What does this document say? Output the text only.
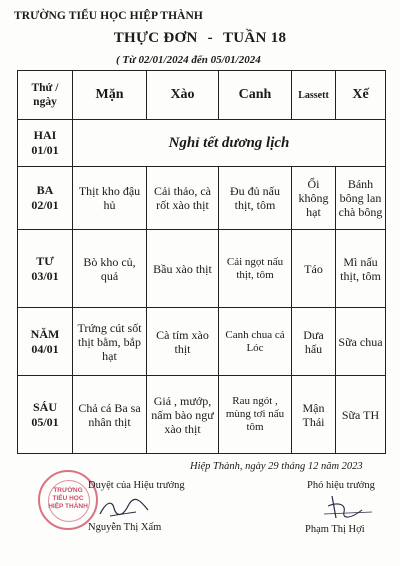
TRƯỜNG TIỂU HỌC HIỆP THÀNH
THỰC ĐƠN - TUẦN 18
( Từ 02/01/2024 đến 05/01/2024
Thứ / ngày	Mặn	Xào	Canh	Lassett	Xế

HAI
01/01	Nghỉ tết dương lịch				

BA
02/01	Thịt kho đậu hủ	Cải thảo, cà rốt xào thịt	Đu đủ nấu thịt, tôm	Ổi không hạt	Bánh bông lan chà bông

TƯ
03/01	Bò kho củ, quả	Bầu xào thịt	Cải ngọt nấu thịt, tôm	Táo	Mì nấu thịt, tôm

NĂM
04/01	Trứng cút sốt thịt bằm, bắp hạt	Cà tím xào thịt	Canh chua cá Lóc	Dưa hấu	Sữa chua

SÁU
05/01	Chả cá Ba sa nhân thịt	Giá , mướp, nấm bào ngư xào thịt	Rau ngót , mùng tơi nấu tôm	Mận Thái	Sữa TH
Hiệp Thành, ngày 29 tháng 12 năm 2023
TRƯỜNG
TIỂU HỌC
HIỆP THÀNH
Duyệt của Hiệu trưởng	Phó hiệu trưởng
Nguyễn Thị Xấm	Phạm Thị Hợi
